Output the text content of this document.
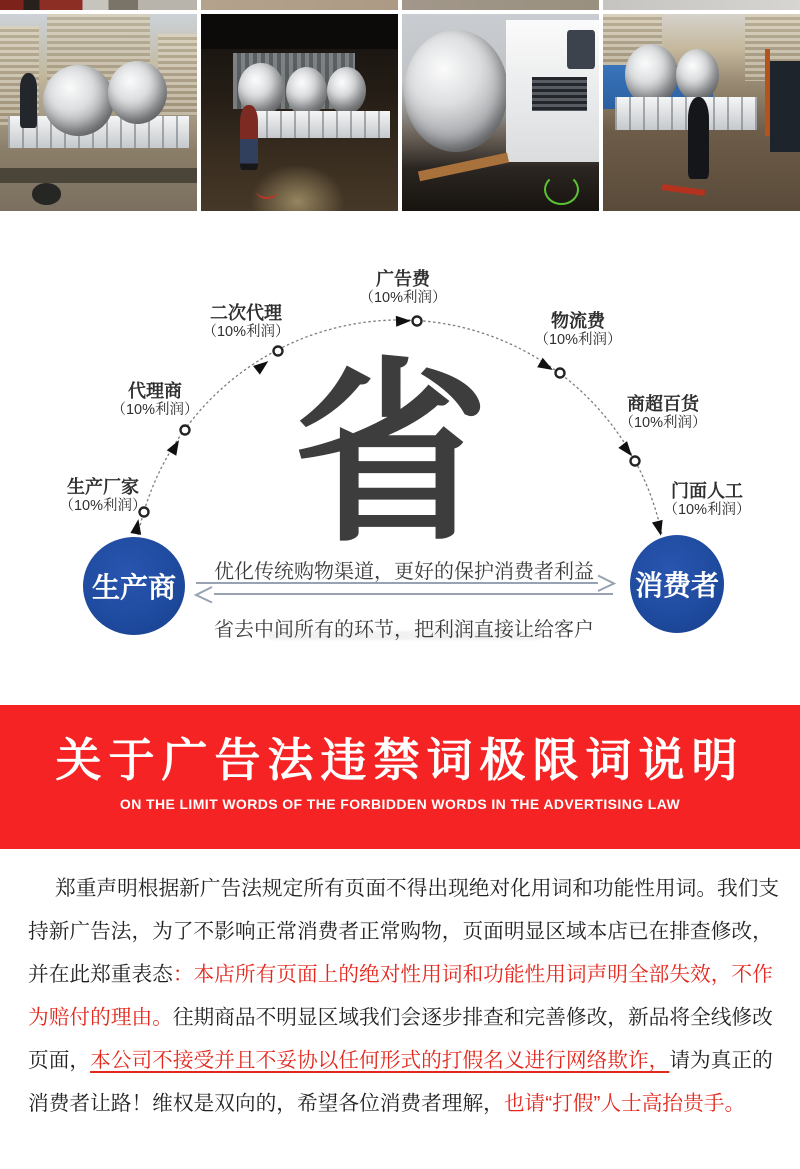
省
生产厂家
（10%利润）
代理商
（10%利润）
二次代理
（10%利润）
广告费
（10%利润）
物流费
（10%利润）
商超百货
（10%利润）
门面人工
（10%利润）
生产商	消费者
优化传统购物渠道，更好的保护消费者利益
省去中间所有的环节，把利润直接让给客户
关于广告法违禁词极限词说明
ON THE LIMIT WORDS OF THE FORBIDDEN WORDS IN THE ADVERTISING LAW
郑重声明根据新广告法规定所有页面不得出现绝对化用词和功能性用词。我们支
持新广告法，为了不影响正常消费者正常购物，页面明显区域本店已在排查修改，
并在此郑重表态：本店所有页面上的绝对性用词和功能性用词声明全部失效，不作
为赔付的理由。往期商品不明显区域我们会逐步排查和完善修改，新品将全线修改
页面，本公司不接受并且不妥协以任何形式的打假名义进行网络欺诈，请为真正的
消费者让路！维权是双向的，希望各位消费者理解，也请“打假”人士高抬贵手。
